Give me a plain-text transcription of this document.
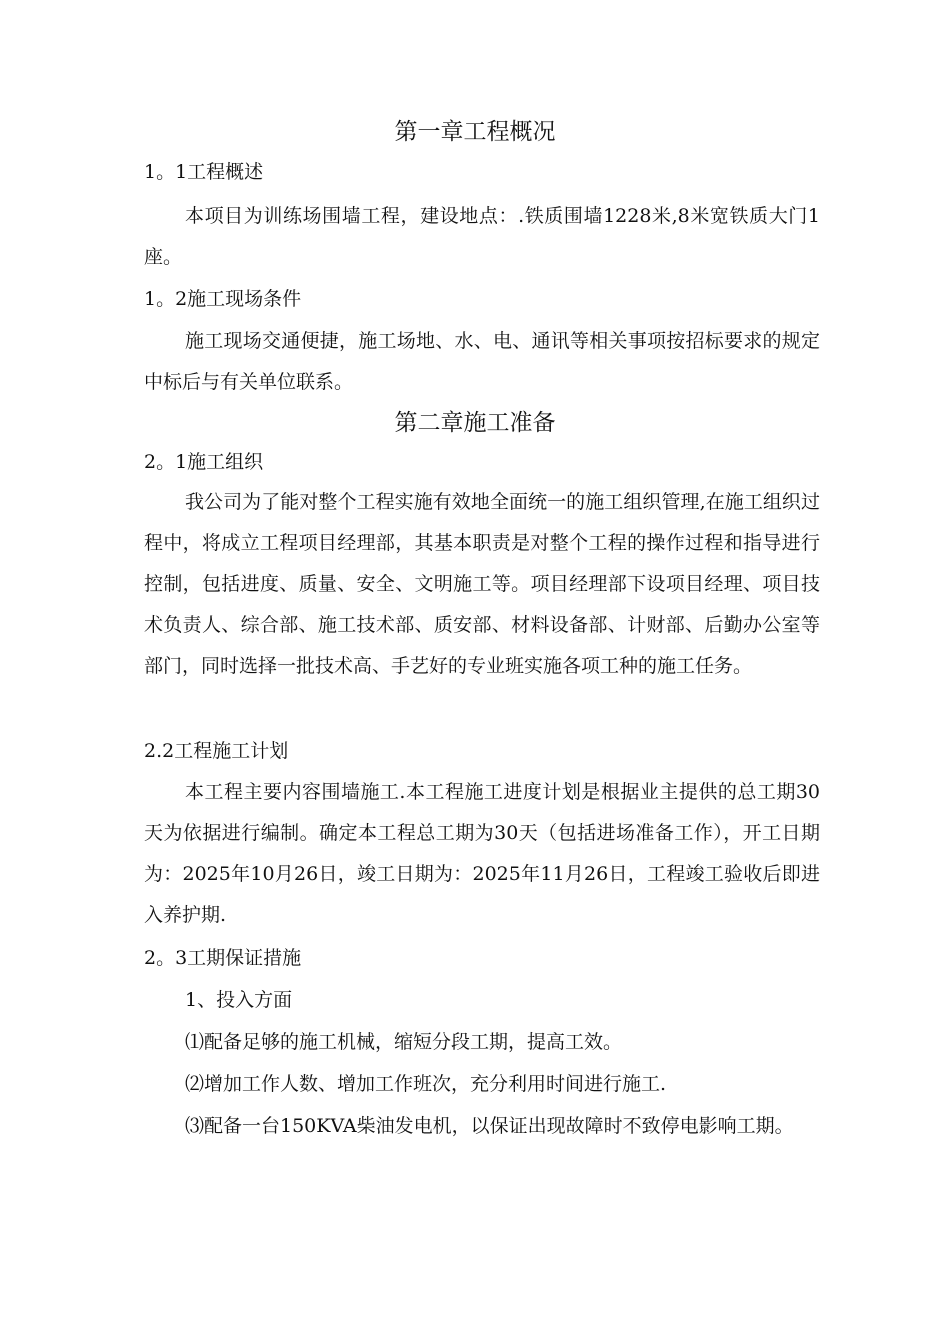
第一章工程概况
1。1工程概述

本项目为训练场围墙工程，建设地点：.铁质围墙1228米,8米宽铁质大门1座。

1。2施工现场条件

施工现场交通便捷，施工场地、水、电、通讯等相关事项按招标要求的规定中标后与有关单位联系。

第二章施工准备
2。1施工组织

我公司为了能对整个工程实施有效地全面统一的施工组织管理,在施工组织过程中，将成立工程项目经理部，其基本职责是对整个工程的操作过程和指导进行控制，包括进度、质量、安全、文明施工等。项目经理部下设项目经理、项目技术负责人、综合部、施工技术部、质安部、材料设备部、计财部、后勤办公室等部门，同时选择一批技术高、手艺好的专业班实施各项工种的施工任务。

2.2工程施工计划

本工程主要内容围墙施工.本工程施工进度计划是根据业主提供的总工期30天为依据进行编制。确定本工程总工期为30天（包括进场准备工作），开工日期为：2025年10月26日，竣工日期为：2025年11月26日，工程竣工验收后即进入养护期.

2。3工期保证措施

1、投入方面

⑴配备足够的施工机械，缩短分段工期，提高工效。

⑵增加工作人数、增加工作班次，充分利用时间进行施工.

⑶配备一台150KVA柴油发电机，以保证出现故障时不致停电影响工期。
